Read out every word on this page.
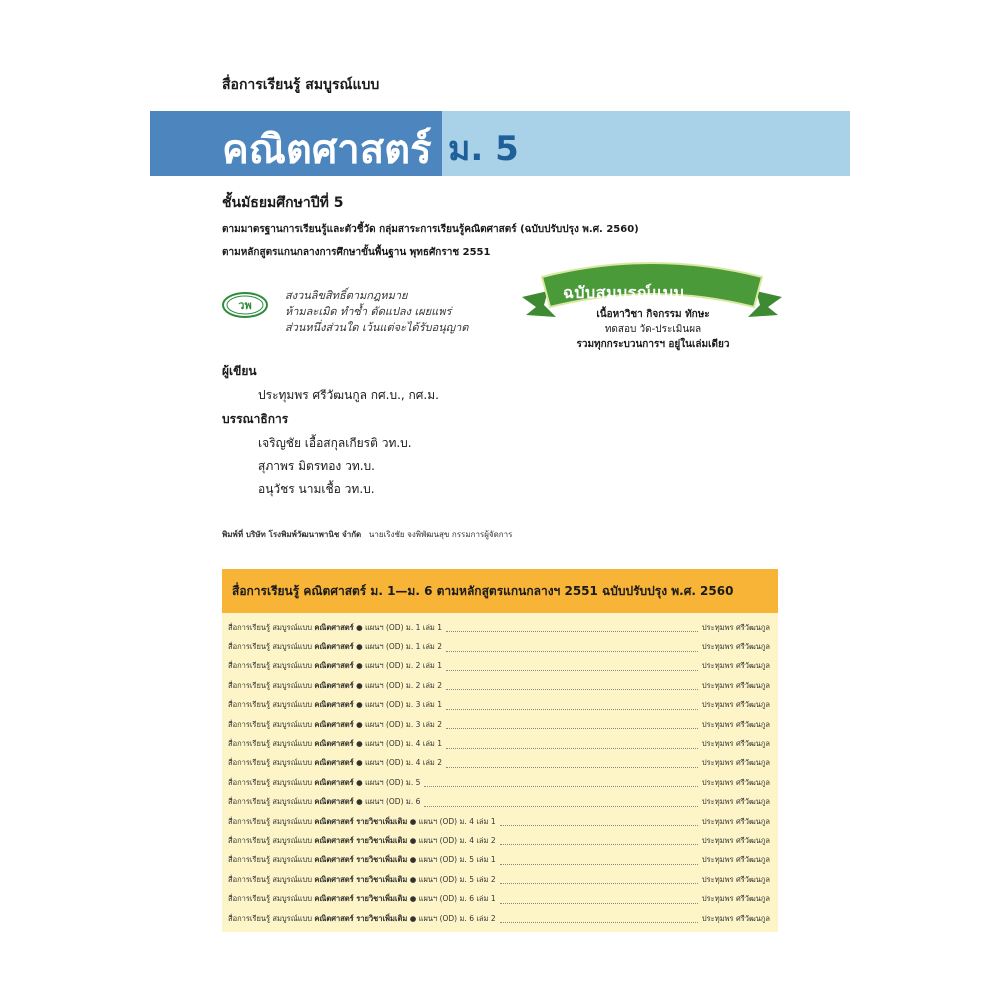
สื่อการเรียนรู้ สมบูรณ์แบบ
คณิตศาสตร์ ม. 5
ชั้นมัธยมศึกษาปีที่ 5
ตามมาตรฐานการเรียนรู้และตัวชี้วัด กลุ่มสาระการเรียนรู้คณิตศาสตร์ (ฉบับปรับปรุง พ.ศ. 2560)
ตามหลักสูตรแกนกลางการศึกษาขั้นพื้นฐาน พุทธศักราช 2551
วพ
สงวนลิขสิทธิ์ตามกฎหมาย
ห้ามละเมิด ทำซ้ำ ดัดแปลง เผยแพร่
ส่วนหนึ่งส่วนใด เว้นแต่จะได้รับอนุญาต
ฉบับสมบูรณ์แบบ
เนื้อหาวิชา กิจกรรม ทักษะ
ทดสอบ วัด-ประเมินผล
รวมทุกกระบวนการฯ อยู่ในเล่มเดียว
ผู้เขียน
ประทุมพร ศรีวัฒนกูล กศ.บ., กศ.ม.
บรรณาธิการ
เจริญชัย เอื้อสกุลเกียรติ วท.บ.
สุภาพร มิตรทอง วท.บ.
อนุวัชร นามเชื้อ วท.บ.
พิมพ์ที่ บริษัท โรงพิมพ์วัฒนาพานิช จำกัด นายเริงชัย จงพิพัฒนสุข กรรมการผู้จัดการ
สื่อการเรียนรู้ คณิตศาสตร์ ม. 1—ม. 6 ตามหลักสูตรแกนกลางฯ 2551 ฉบับปรับปรุง พ.ศ. 2560
สื่อการเรียนรู้ สมบูรณ์แบบ คณิตศาสตร์ ● แผนฯ (OD) ม. 1 เล่ม 1	ประทุมพร ศรีวัฒนกูล
สื่อการเรียนรู้ สมบูรณ์แบบ คณิตศาสตร์ ● แผนฯ (OD) ม. 1 เล่ม 2	ประทุมพร ศรีวัฒนกูล
สื่อการเรียนรู้ สมบูรณ์แบบ คณิตศาสตร์ ● แผนฯ (OD) ม. 2 เล่ม 1	ประทุมพร ศรีวัฒนกูล
สื่อการเรียนรู้ สมบูรณ์แบบ คณิตศาสตร์ ● แผนฯ (OD) ม. 2 เล่ม 2	ประทุมพร ศรีวัฒนกูล
สื่อการเรียนรู้ สมบูรณ์แบบ คณิตศาสตร์ ● แผนฯ (OD) ม. 3 เล่ม 1	ประทุมพร ศรีวัฒนกูล
สื่อการเรียนรู้ สมบูรณ์แบบ คณิตศาสตร์ ● แผนฯ (OD) ม. 3 เล่ม 2	ประทุมพร ศรีวัฒนกูล
สื่อการเรียนรู้ สมบูรณ์แบบ คณิตศาสตร์ ● แผนฯ (OD) ม. 4 เล่ม 1	ประทุมพร ศรีวัฒนกูล
สื่อการเรียนรู้ สมบูรณ์แบบ คณิตศาสตร์ ● แผนฯ (OD) ม. 4 เล่ม 2	ประทุมพร ศรีวัฒนกูล
สื่อการเรียนรู้ สมบูรณ์แบบ คณิตศาสตร์ ● แผนฯ (OD) ม. 5	ประทุมพร ศรีวัฒนกูล
สื่อการเรียนรู้ สมบูรณ์แบบ คณิตศาสตร์ ● แผนฯ (OD) ม. 6	ประทุมพร ศรีวัฒนกูล
สื่อการเรียนรู้ สมบูรณ์แบบ คณิตศาสตร์ รายวิชาเพิ่มเติม ● แผนฯ (OD) ม. 4 เล่ม 1	ประทุมพร ศรีวัฒนกูล
สื่อการเรียนรู้ สมบูรณ์แบบ คณิตศาสตร์ รายวิชาเพิ่มเติม ● แผนฯ (OD) ม. 4 เล่ม 2	ประทุมพร ศรีวัฒนกูล
สื่อการเรียนรู้ สมบูรณ์แบบ คณิตศาสตร์ รายวิชาเพิ่มเติม ● แผนฯ (OD) ม. 5 เล่ม 1	ประทุมพร ศรีวัฒนกูล
สื่อการเรียนรู้ สมบูรณ์แบบ คณิตศาสตร์ รายวิชาเพิ่มเติม ● แผนฯ (OD) ม. 5 เล่ม 2	ประทุมพร ศรีวัฒนกูล
สื่อการเรียนรู้ สมบูรณ์แบบ คณิตศาสตร์ รายวิชาเพิ่มเติม ● แผนฯ (OD) ม. 6 เล่ม 1	ประทุมพร ศรีวัฒนกูล
สื่อการเรียนรู้ สมบูรณ์แบบ คณิตศาสตร์ รายวิชาเพิ่มเติม ● แผนฯ (OD) ม. 6 เล่ม 2	ประทุมพร ศรีวัฒนกูล
